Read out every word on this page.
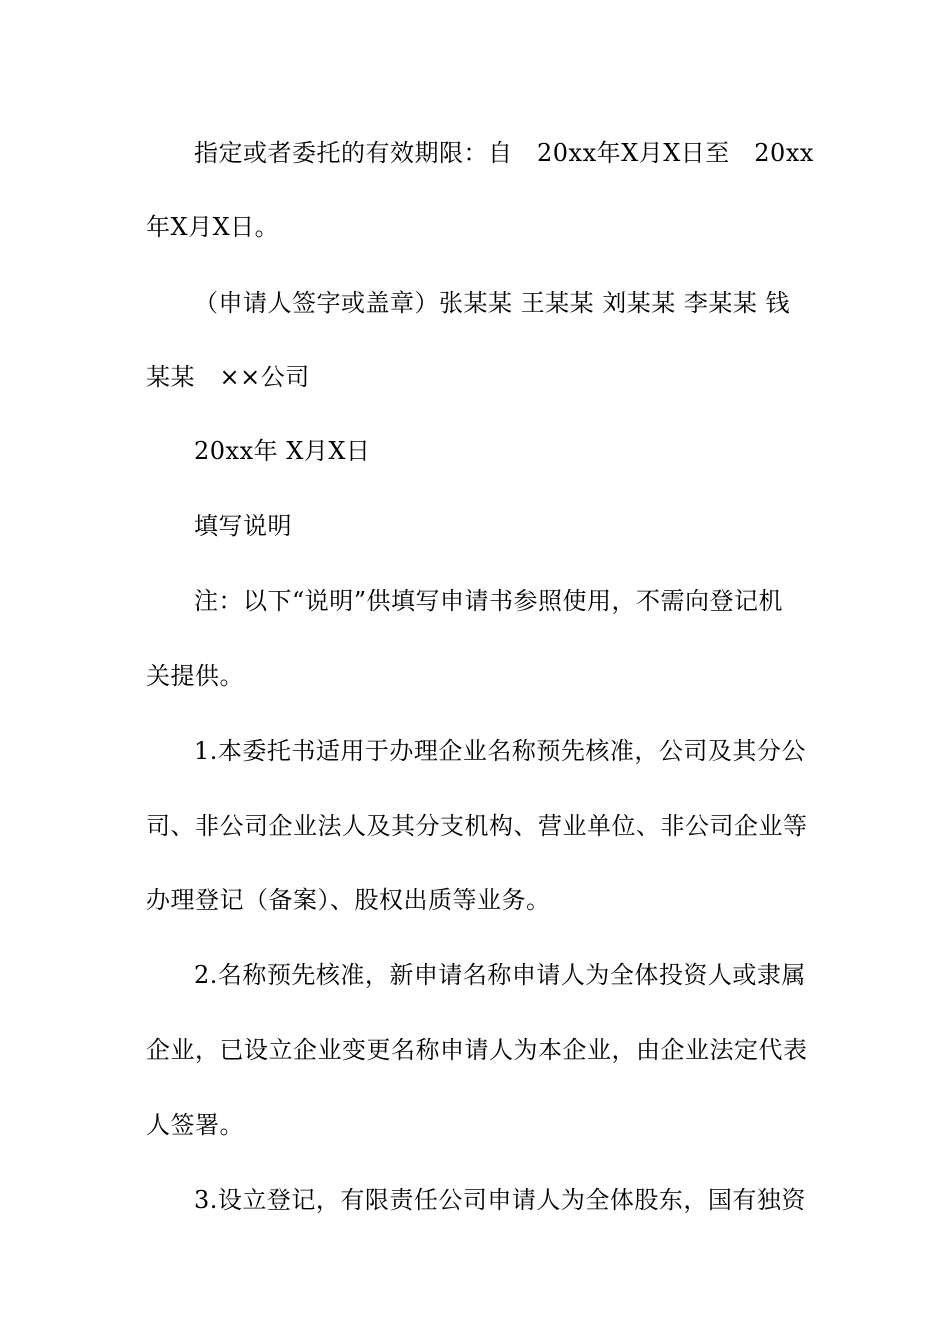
指定或者委托的有效期限：自　20xx年X月X日至　20xx
年X月X日。
（申请人签字或盖章）张某某 王某某 刘某某 李某某 钱
某某　××公司
20xx年 X月X日
填写说明
注：以下“说明”供填写申请书参照使用，不需向登记机
关提供。
1.本委托书适用于办理企业名称预先核准，公司及其分公
司、非公司企业法人及其分支机构、营业单位、非公司企业等
办理登记（备案）、股权出质等业务。
2.名称预先核准，新申请名称申请人为全体投资人或隶属
企业，已设立企业变更名称申请人为本企业，由企业法定代表
人签署。
3.设立登记，有限责任公司申请人为全体股东，国有独资
